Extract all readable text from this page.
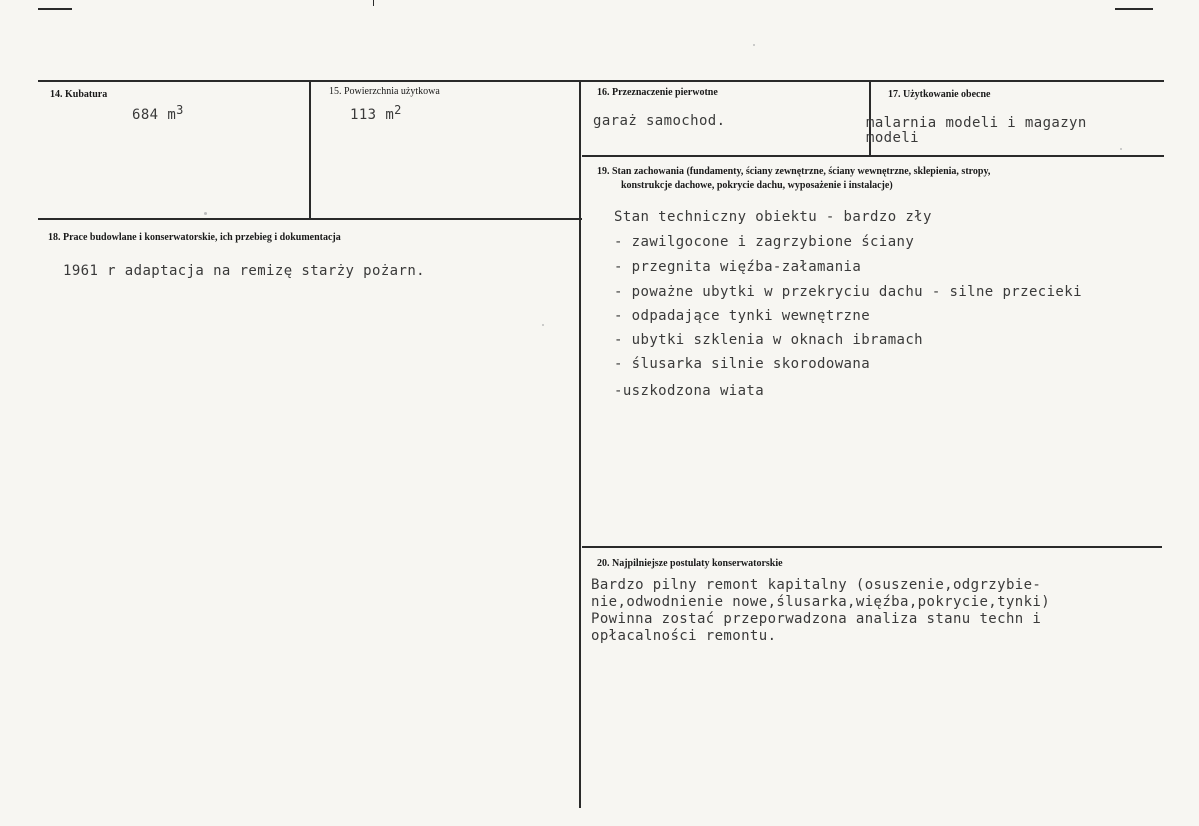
14. Kubatura
684 $m^3$
15. Powierzchnia użytkowa
113 $m^2$
16. Przeznaczenie pierwotne
garaż samochod.
17. Użytkowanie obecne
malarnia modeli i magazyn
modeli
18. Prace budowlane i konserwatorskie, ich przebieg i dokumentacja
1961 r adaptacja na remizę starży pożarn.
19. Stan zachowania (fundamenty, ściany zewnętrzne, ściany wewnętrzne, sklepienia, stropy,
konstrukcje dachowe, pokrycie dachu, wyposażenie i instalacje)
Stan techniczny obiektu - bardzo zły
- zawilgocone i zagrzybione ściany
- przegnita więźba-załamania
- poważne ubytki w przekryciu dachu - silne przecieki
- odpadające tynki wewnętrzne
- ubytki szklenia w oknach ibramach
- ślusarka silnie skorodowana
-uszkodzona wiata
20. Najpilniejsze postulaty konserwatorskie
Bardzo pilny remont kapitalny (osuszenie,odgrzybie-
nie,odwodnienie nowe,ślusarka,więźba,pokrycie,tynki)
Powinna zostać przeporwadzona analiza stanu techn i
opłacalności remontu.
